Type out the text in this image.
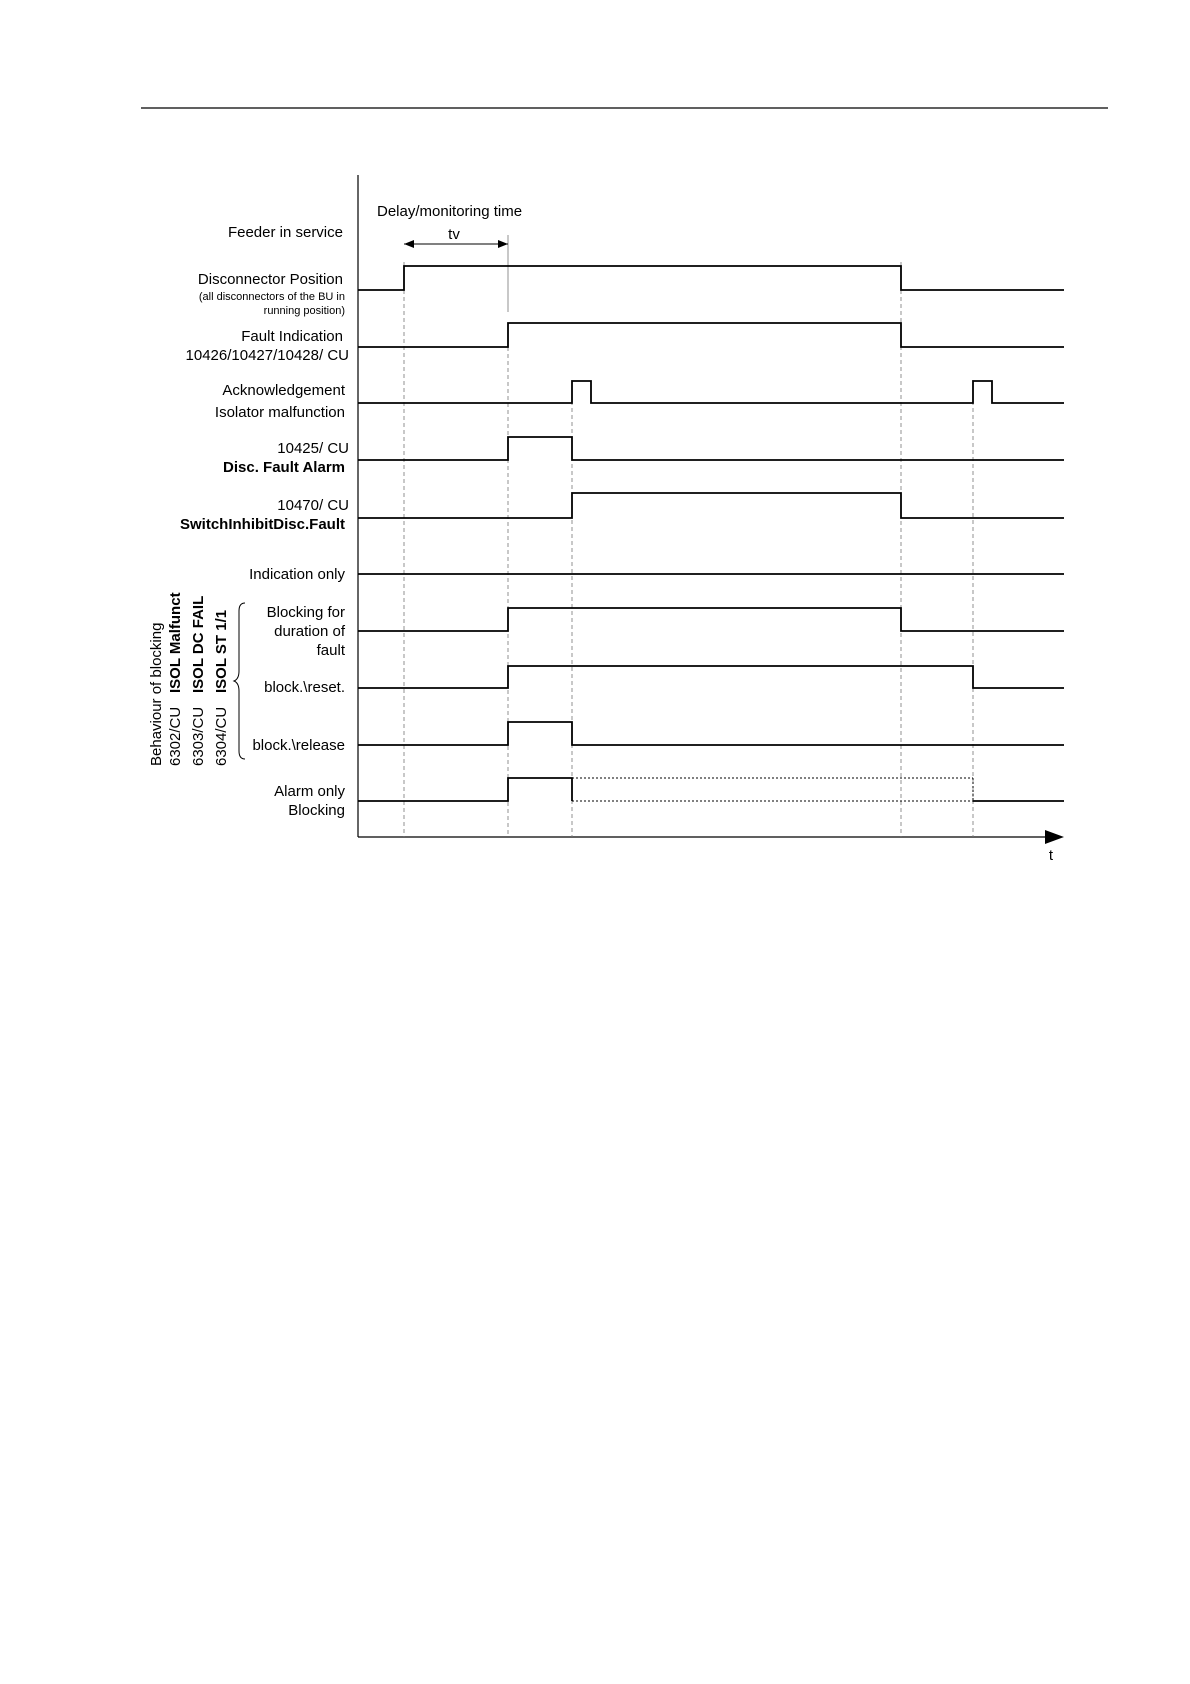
t
Delay/monitoring time
tv
Feeder in service
Disconnector Position
(all disconnectors of the BU in
running position)
Fault Indication
10426/10427/10428/ CU
Acknowledgement
Isolator malfunction
10425/ CU
Disc. Fault Alarm
10470/ CU
SwitchInhibitDisc.Fault
Indication only
Blocking for
duration of
fault
block.\reset.
block.\release
Alarm only
Blocking
Behaviour of blocking 6302/CU
ISOL Malfunct
6303/CU
ISOL DC FAIL
6304/CU
ISOL ST 1/1
